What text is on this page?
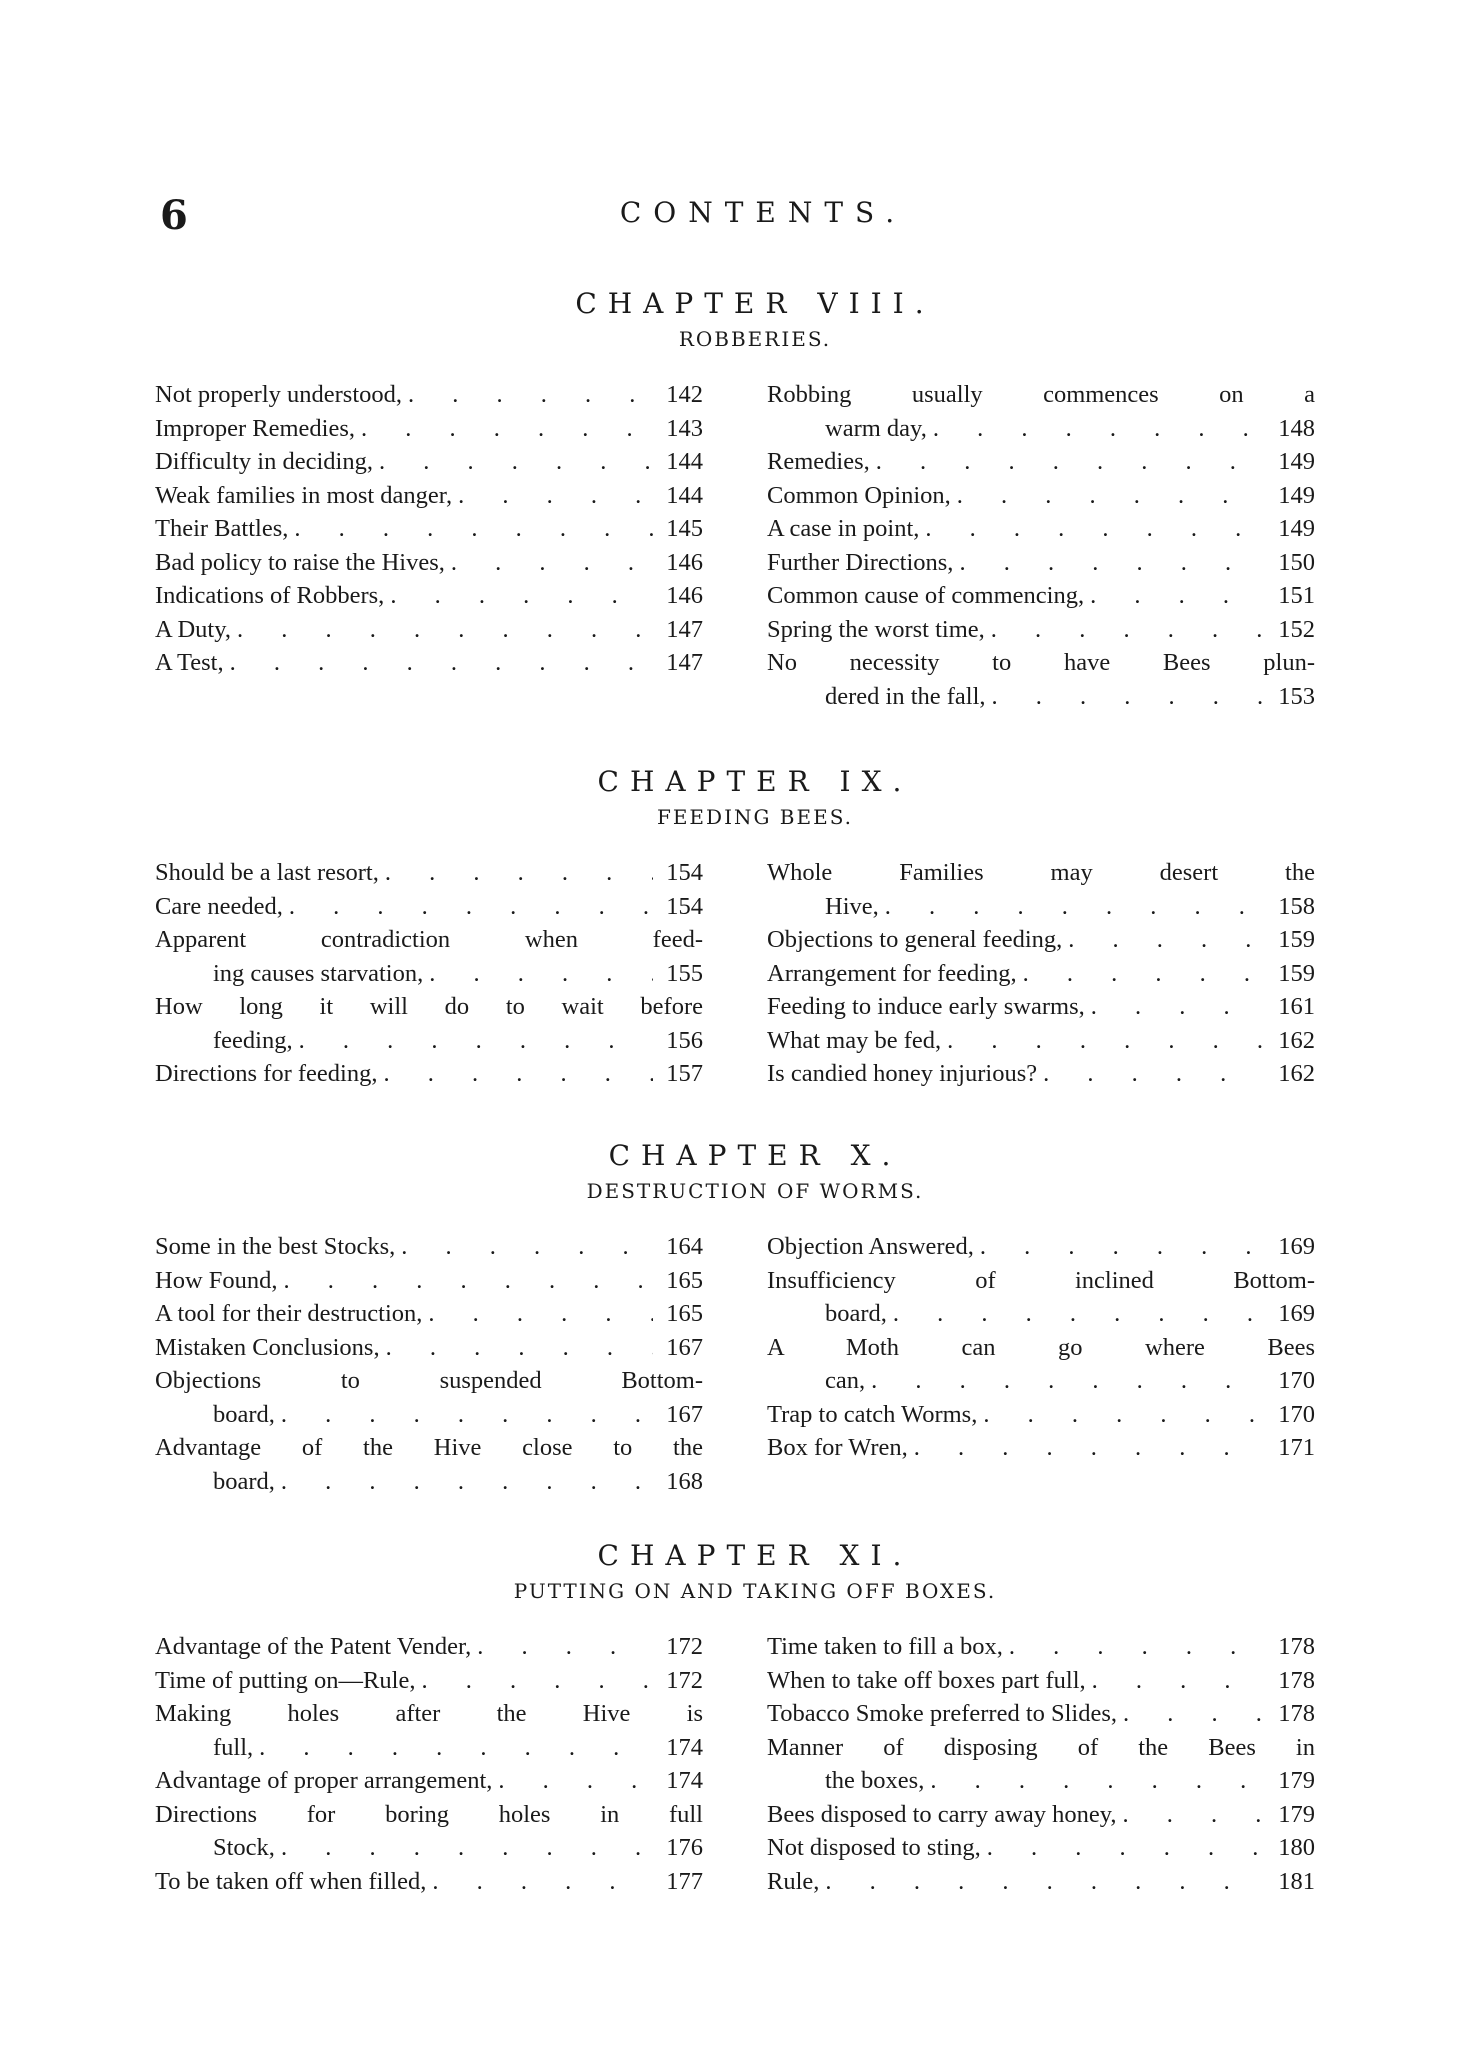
6	CONTENTS.
CHAPTER VIII.
ROBBERIES.
Not properly understood, . . .	142
Improper Remedies, . . .	143
Difficulty in deciding, . . .	144
Weak families in most danger, . . .	144
Their Battles, . . .	145
Bad policy to raise the Hives, . . .	146
Indications of Robbers, . . .	146
A Duty, . . .	147
A Test, . . .	147
Robbing usually commences on a
warm day, . . .	148
Remedies, . . .	149
Common Opinion, . . .	149
A case in point, . . .	149
Further Directions, . . .	150
Common cause of commencing, . . .	151
Spring the worst time, . . .	152
No necessity to have Bees plun-
dered in the fall, . . .	153
CHAPTER IX.
FEEDING BEES.
Should be a last resort, . . .	154
Care needed, . . .	154
Apparent contradiction when feed-
ing causes starvation, . . .	155
How long it will do to wait before
feeding, . . .	156
Directions for feeding, . . .	157
Whole Families may desert the
Hive, . . .	158
Objections to general feeding, . . .	159
Arrangement for feeding, . . .	159
Feeding to induce early swarms, . . .	161
What may be fed, . . .	162
Is candied honey injurious? . . .	162
CHAPTER X.
DESTRUCTION OF WORMS.
Some in the best Stocks, . . .	164
How Found, . . .	165
A tool for their destruction, . . .	165
Mistaken Conclusions, . . .	167
Objections to suspended Bottom-
board, . . .	167
Advantage of the Hive close to the
board, . . .	168
Objection Answered, . . .	169
Insufficiency of inclined Bottom-
board, . . .	169
A Moth can go where Bees
can, . . .	170
Trap to catch Worms, . . .	170
Box for Wren, . . .	171
CHAPTER XI.
PUTTING ON AND TAKING OFF BOXES.
Advantage of the Patent Vender, . . .	172
Time of putting on—Rule, . . .	172
Making holes after the Hive is
full, . . .	174
Advantage of proper arrangement, . . .	174
Directions for boring holes in full
Stock, . . .	176
To be taken off when filled, . . .	177
Time taken to fill a box, . . .	178
When to take off boxes part full, . . .	178
Tobacco Smoke preferred to Slides, . . .	178
Manner of disposing of the Bees in
the boxes, . . .	179
Bees disposed to carry away honey, . . .	179
Not disposed to sting, . . .	180
Rule, . . .	181
